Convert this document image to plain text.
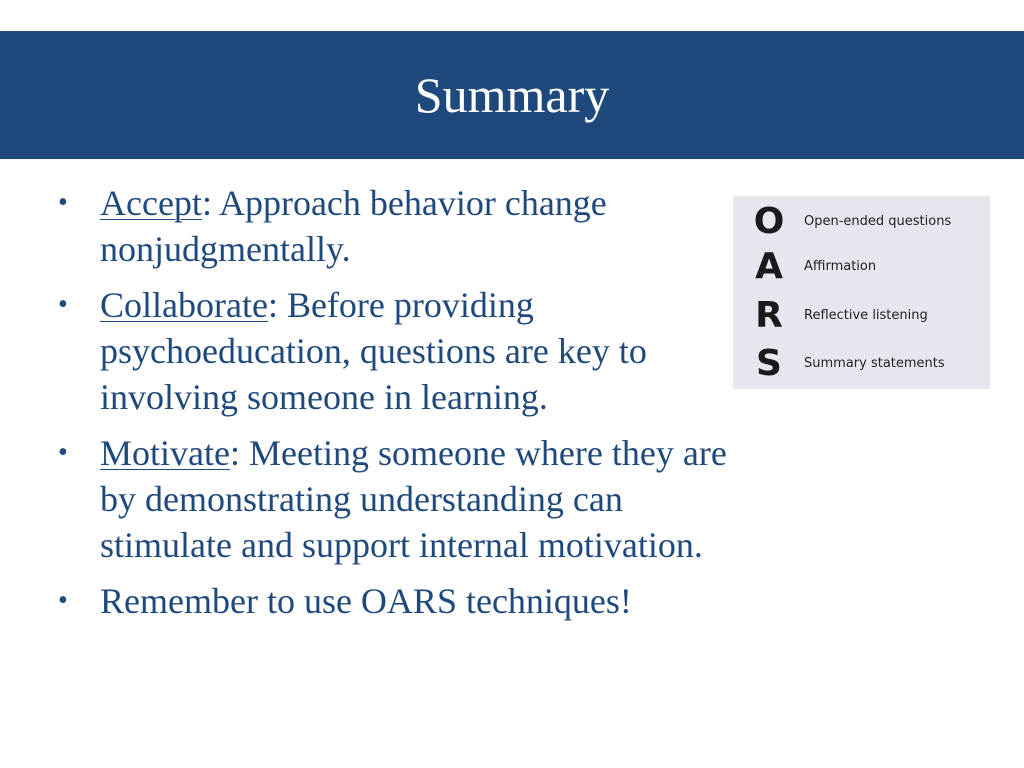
Summary
• Accept: Approach behavior change nonjudgmentally.
• Collaborate: Before providing psychoeducation, questions are key to involving someone in learning.
• Motivate: Meeting someone where they are by demonstrating understanding can stimulate and support internal motivation.
• Remember to use OARS techniques!
O Open-ended questions
A Affirmation
R Reflective listening
S	Summary statements
